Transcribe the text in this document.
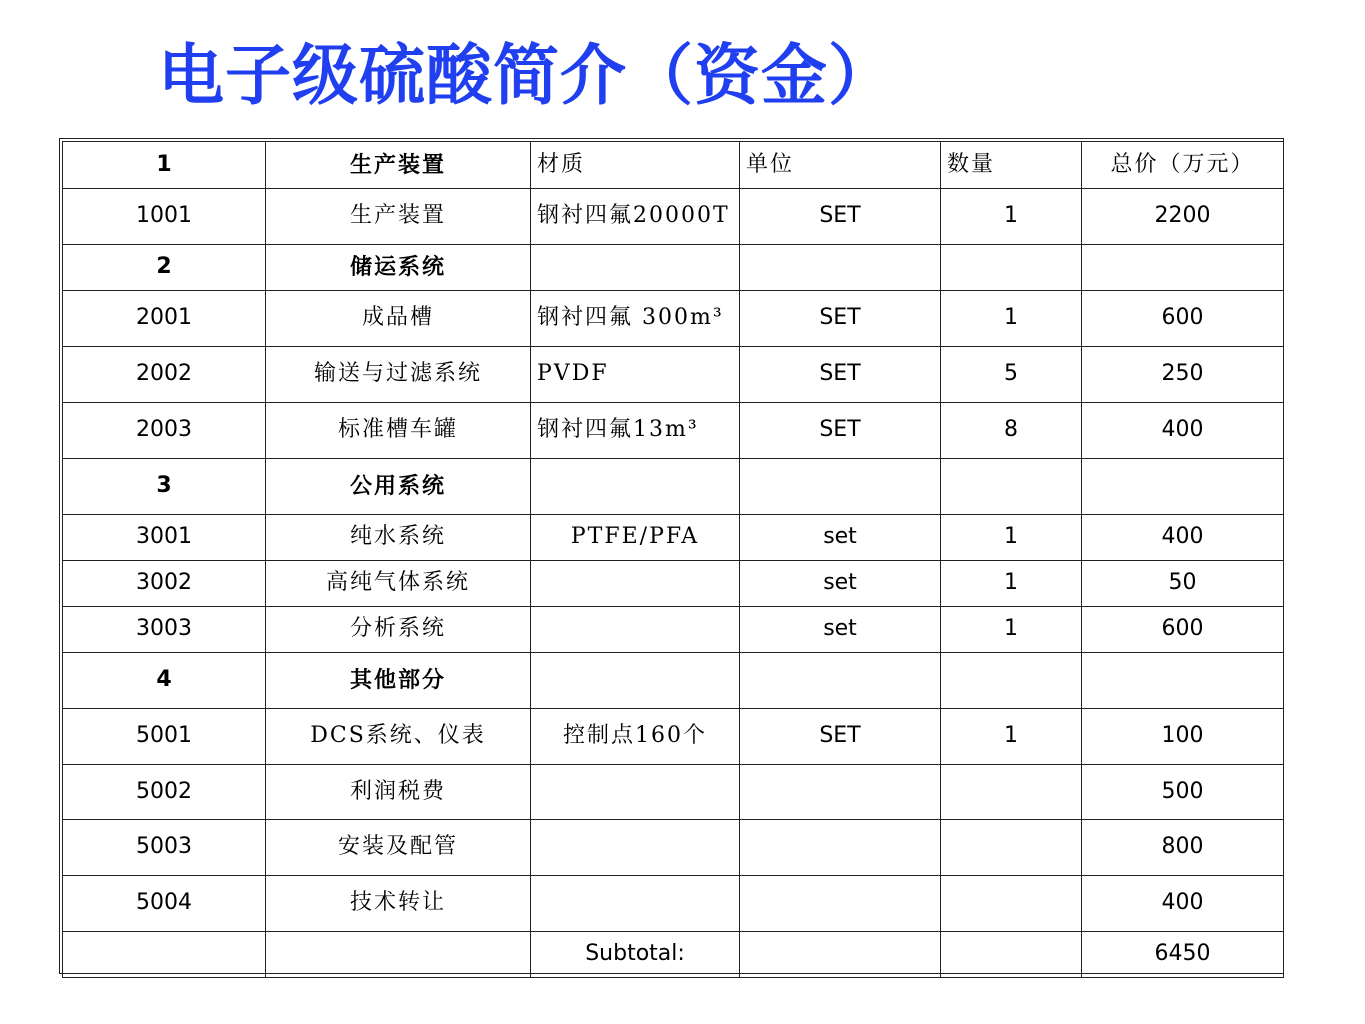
电子级硫酸简介（资金）
1	生产装置	材质	单位	数量	总价（万元）
1001	生产装置	钢衬四氟20000T	SET	1	2200
2	储运系统				
2001	成品槽	钢衬四氟 300m³	SET	1	600
2002	输送与过滤系统	PVDF	SET	5	250
2003	标准槽车罐	钢衬四氟13m³	SET	8	400
3	公用系统				
3001	纯水系统	PTFE/PFA	set	1	400
3002	高纯气体系统		set	1	50
3003	分析系统		set	1	600
4	其他部分				
5001	DCS系统、仪表	控制点160个	SET	1	100
5002	利润税费				500
5003	安装及配管				800
5004	技术转让				400
		Subtotal:			6450
